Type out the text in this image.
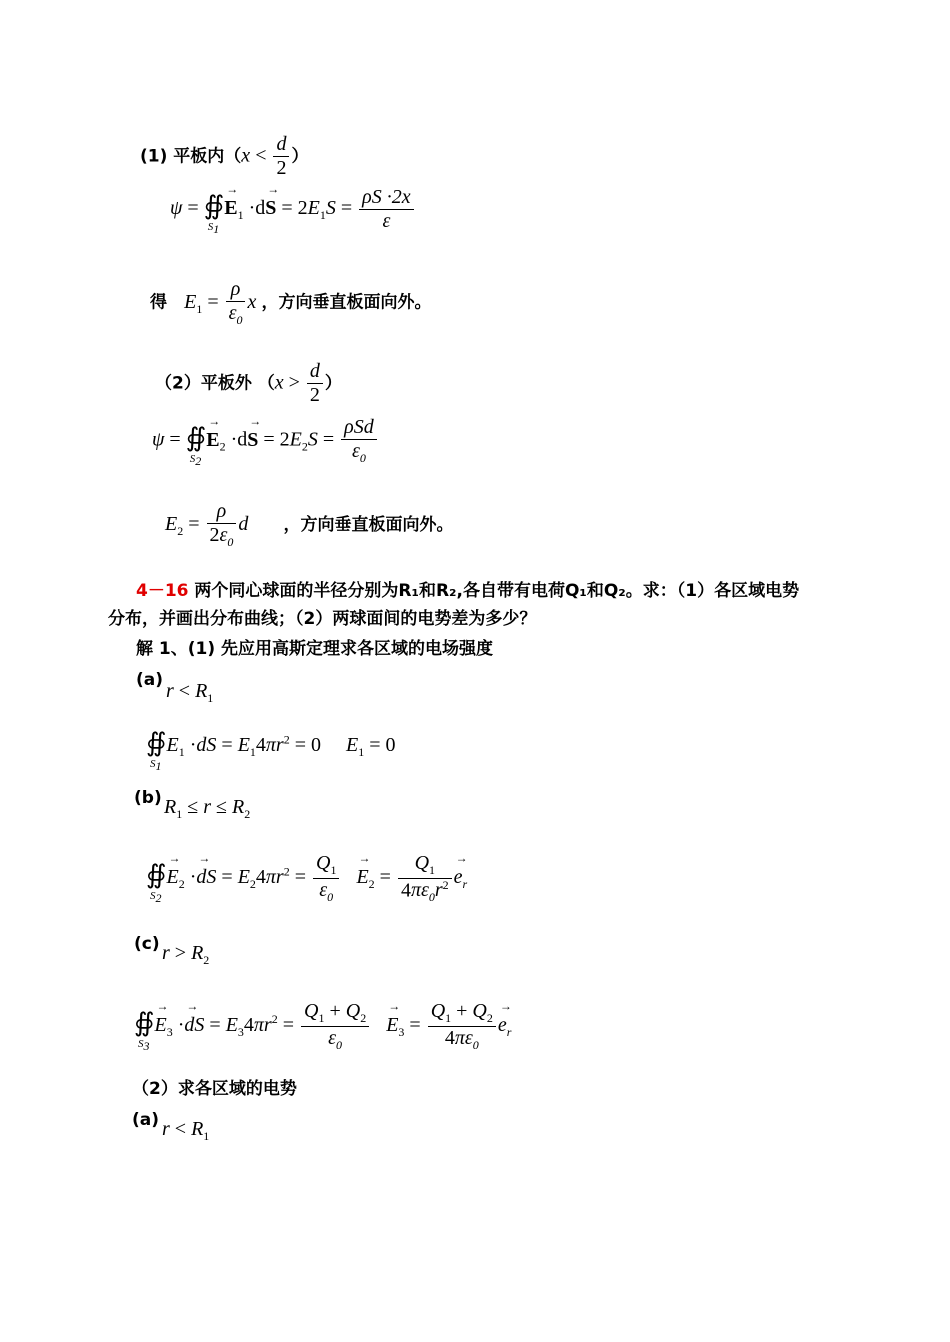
(1) 平板内（$x < \frac{d}{2}$ ）
ψ = ∯
$S_1$
→ $E_1 \cdot d\to S = 2E_1S = \frac{\rho S \cdot 2x}{\varepsilon}$
得 $E_1 = \frac{\rho}{\varepsilon_0}$ x ，方向垂直板面向外。
（2）平板外 （$x > \frac{d}{2}$ ）
ψ = ∯
$S_2$
→ $E_2 \cdot d\to S = 2E_2S = \frac{\text{ρSd}}{\varepsilon_0}$
$E_2 = \frac{\rho}{2\varepsilon_0}$ d ，方向垂直板面向外。
4－16 两个同心球面的半径分别为R₁和R₂,各自带有电荷Q₁和Q₂。求：（1）各区域电势
分布，并画出分布曲线；（2）两球面间的电势差为多少？
解 1、(1) 先应用高斯定理求各区域的电场强度
(a) $r < R_1$
∯
$S_1$
$E_1 \cdot dS = E_14\pi r^2 = 0$     $E_1 = 0$
(b) $R_1 \le r \le R_2$
∯
$S_2$
→ $E_2$ ·→ dS = $E_24\pi r^2 = \frac{Q_1}{\varepsilon_0}$
→ $E_2 = \frac{Q_1}{4\pi\varepsilon_0r^2}$
→ $e_r$
(c) $r > R_2$
∯
$S_3$
→ $E_3$ ·→ dS = $E_34\pi r^2 = \frac{Q_1 + Q_2}{\varepsilon_0}$
→ $E_3 = \frac{Q_1 + Q_2}{4\pi\varepsilon_0}$
→ $e_r$
（2）求各区域的电势
(a) $r < R_1$
